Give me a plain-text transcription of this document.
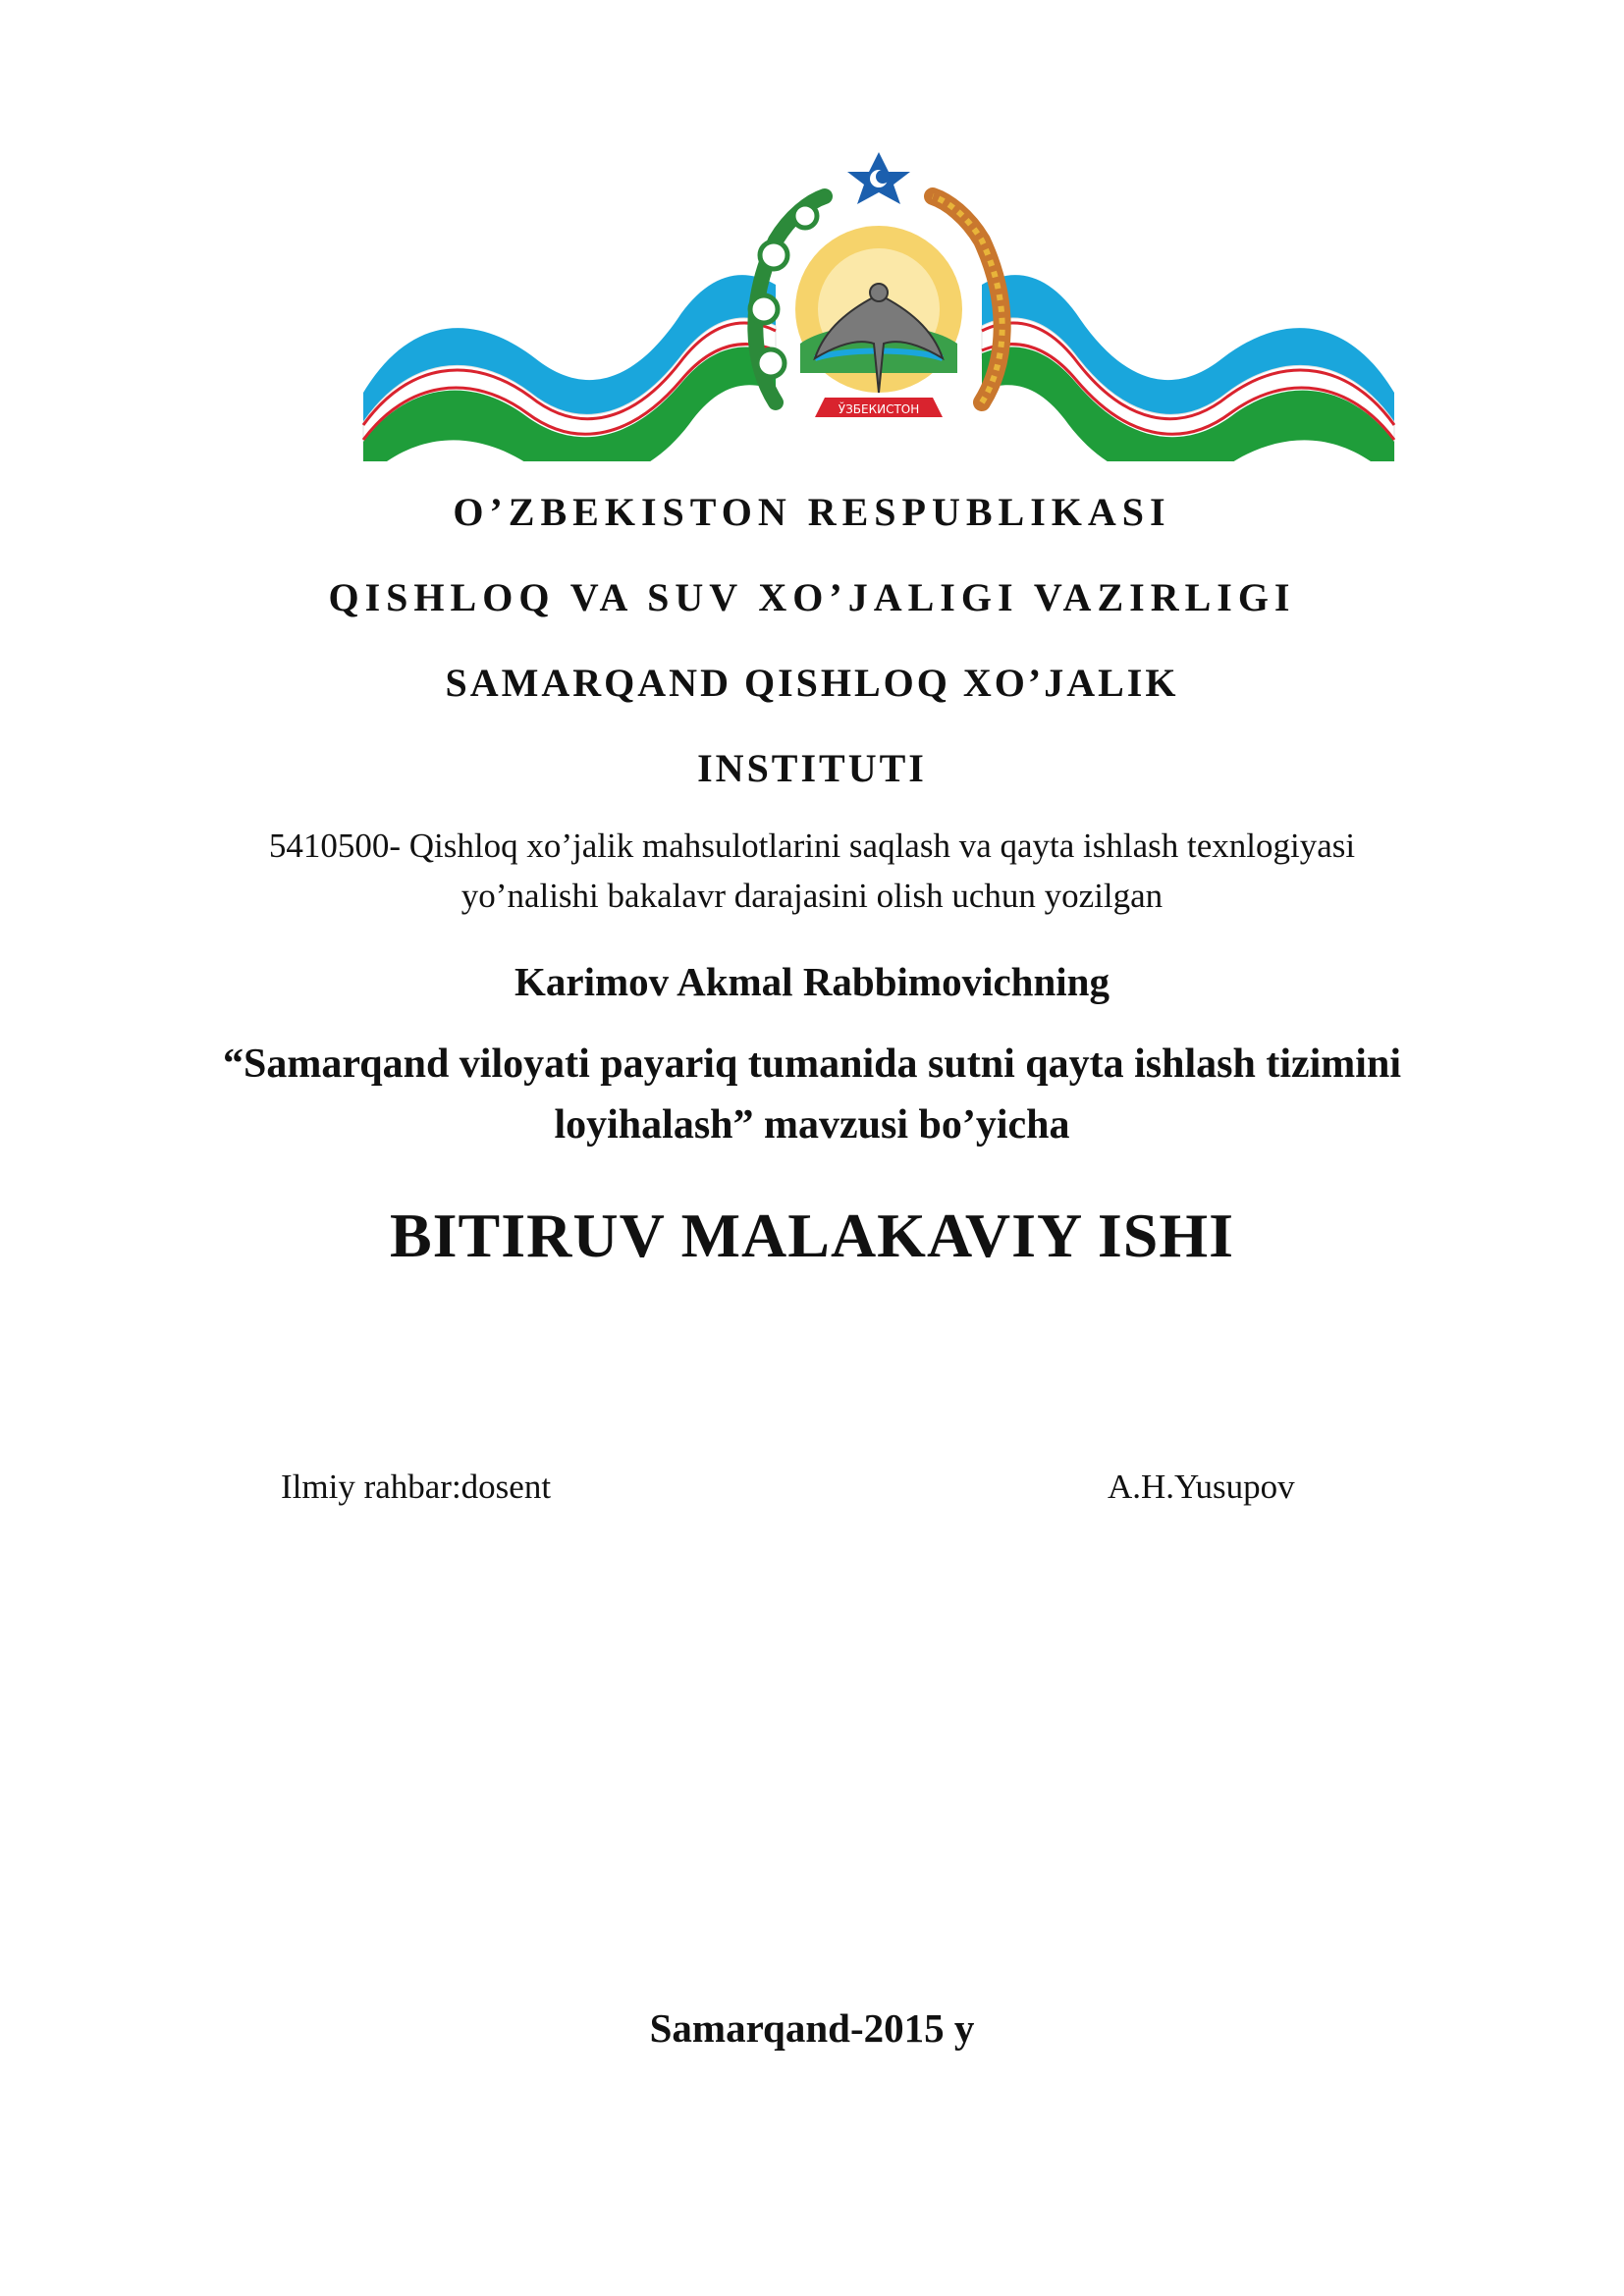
ЎЗБЕКИСТОН
O’ZBEKISTON RESPUBLIKASI
QISHLOQ VA SUV XO’JALIGI VAZIRLIGI
SAMARQAND QISHLOQ XO’JALIK
INSTITUTI
5410500- Qishloq xo’jalik mahsulotlarini saqlash va qayta ishlash texnlogiyasi
yo’nalishi bakalavr darajasini olish uchun yozilgan
Karimov Akmal Rabbimovichning
“Samarqand viloyati payariq tumanida sutni qayta ishlash tizimini
loyihalash” mavzusi bo’yicha
BITIRUV MALAKAVIY ISHI
Ilmiy rahbar:dosent	A.H.Yusupov
Samarqand-2015 y
